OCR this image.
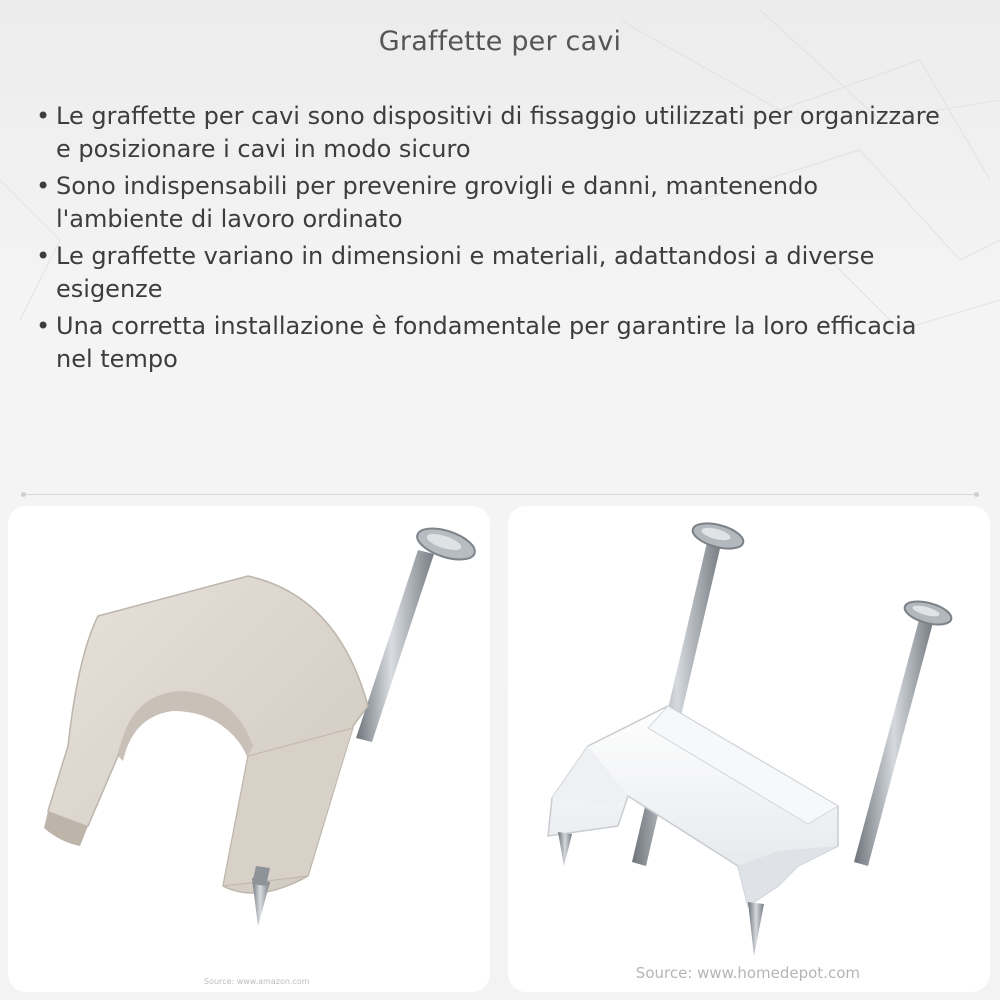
Graffette per cavi
• Le graffette per cavi sono dispositivi di fissaggio utilizzati per organizzare e posizionare i cavi in modo sicuro
• Sono indispensabili per prevenire grovigli e danni, mantenendo l'ambiente di lavoro ordinato
• Le graffette variano in dimensioni e materiali, adattandosi a diverse esigenze
• Una corretta installazione è fondamentale per garantire la loro efficacia nel tempo
Source: www.amazon.com	Source: www.homedepot.com
